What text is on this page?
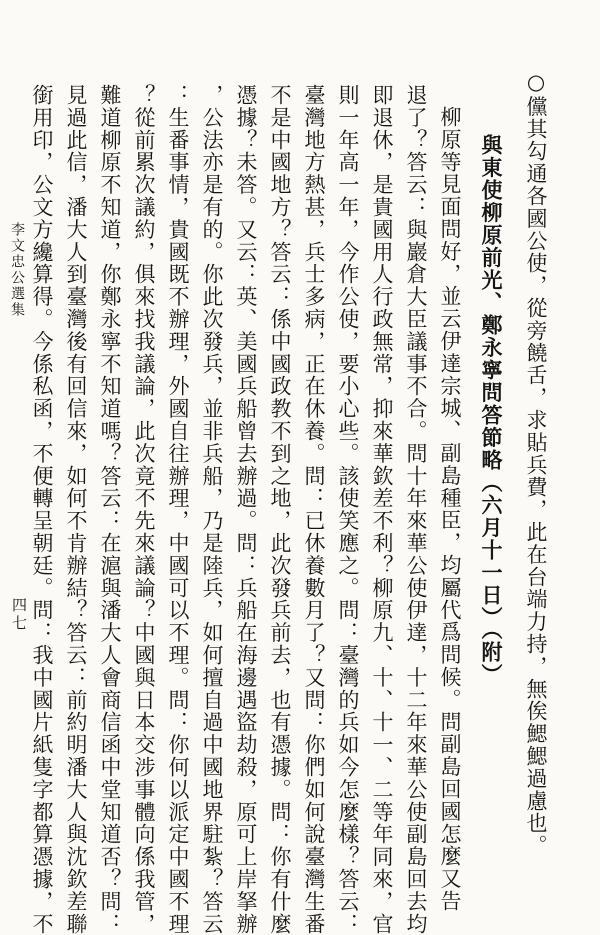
○儻其勾通各國公使，從旁饒舌，求貼兵費，此在台端力持，無俟鰓鰓過慮也。
與東使柳原前光、鄭永寧問答節略（六月十一日）（附）
柳原等見面問好，並云伊達宗城、副島種臣，均屬代爲問候。問副島回國怎麼又告
退了？答云：與巖倉大臣議事不合。問十年來華公使伊達，十二年來華公使副島回去均
即退休，是貴國用人行政無常，抑來華欽差不利？柳原九、十、十一、二等年同來，官
則一年高一年，今作公使，要小心些。該使笑應之。問：臺灣的兵如今怎麼樣？答云：
臺灣地方熱甚，兵士多病，正在休養。問：已休養數月了？又問：你們如何說臺灣生番
不是中國地方？答云：係中國政教不到之地，此次發兵前去，也有憑據。問：你有什麼
憑據？未答。又云：英、美國兵船曾去辦過。問：兵船在海邊遇盜劫殺，原可上岸拏辦
，公法亦是有的。你此次發兵，並非兵船，乃是陸兵，如何擅自過中國地界駐紮？答云
：生番事情，貴國既不辦理，外國自往辦理，中國可以不理。問：你何以派定中國不理
？從前累次議約，俱來找我議論，此次竟不先來議論？中國與日本交涉事體向係我管，
難道柳原不知道，你鄭永寧不知道嗎？答云：在滬與潘大人會商信函中堂知道否？問：
見過此信，潘大人到臺灣後有回信來，如何不肯辦結？答云：前約明潘大人與沈欽差聯
銜用印，公文方纔算得。今係私函，不便轉呈朝廷。問：我中國片紙隻字都算憑據，不
李文忠公選集
四七
